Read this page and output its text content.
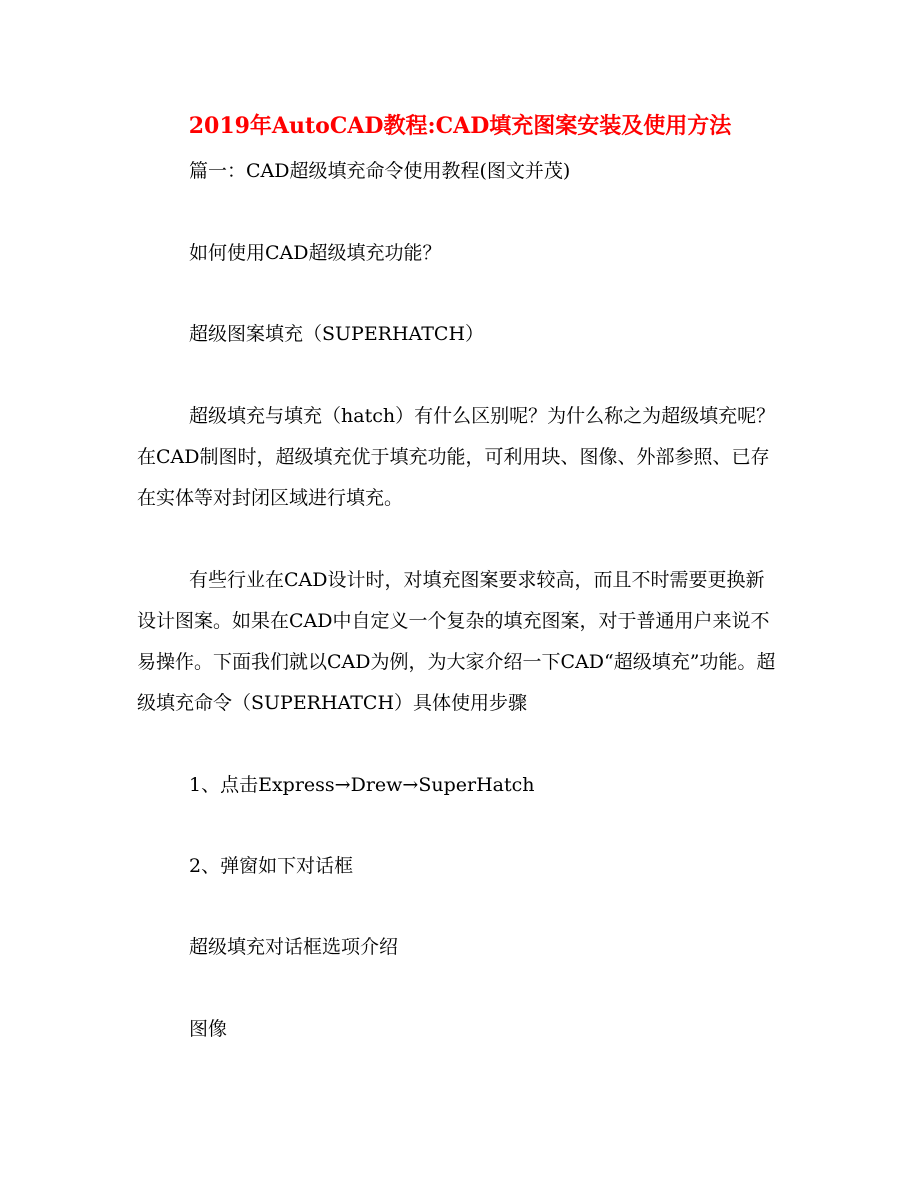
2019年AutoCAD教程:CAD填充图案安装及使用方法
篇一：CAD超级填充命令使用教程(图文并茂)
如何使用CAD超级填充功能？
超级图案填充（SUPERHATCH）

超级填充与填充（hatch）有什么区别呢？为什么称之为超级填充呢？在CAD制图时，超级填充优于填充功能，可利用块、图像、外部参照、已存在实体等对封闭区域进行填充。

有些行业在CAD设计时，对填充图案要求较高，而且不时需要更换新设计图案。如果在CAD中自定义一个复杂的填充图案，对于普通用户来说不易操作。下面我们就以CAD为例，为大家介绍一下CAD“超级填充”功能。超级填充命令（SUPERHATCH）具体使用步骤

1、点击Express→Drew→SuperHatch
2、弹窗如下对话框
超级填充对话框选项介绍
图像
